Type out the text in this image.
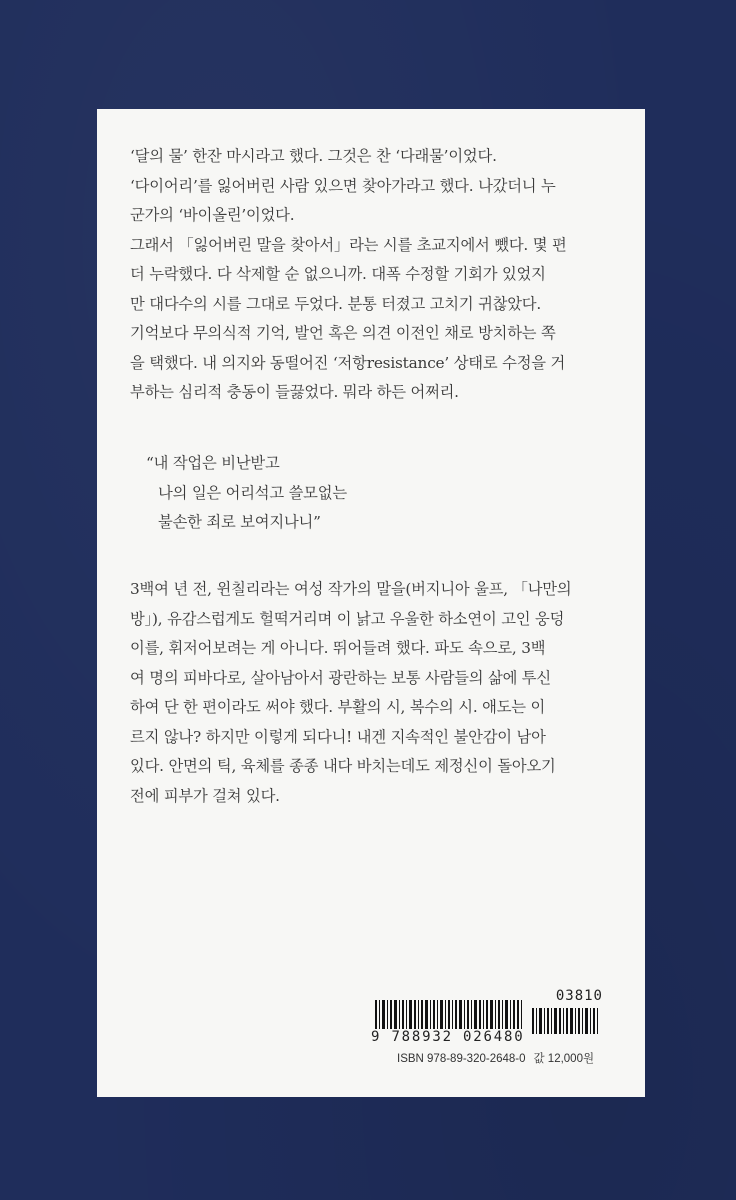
‘달의 물’ 한잔 마시라고 했다. 그것은 찬 ‘다래물’이었다.
‘다이어리’를 잃어버린 사람 있으면 찾아가라고 했다. 나갔더니 누
군가의 ‘바이올린’이었다.
그래서 「잃어버린 말을 찾아서」라는 시를 초교지에서 뺐다. 몇 편
더 누락했다. 다 삭제할 순 없으니까. 대폭 수정할 기회가 있었지
만 대다수의 시를 그대로 두었다. 분통 터졌고 고치기 귀찮았다.
기억보다 무의식적 기억, 발언 혹은 의견 이전인 채로 방치하는 쪽
을 택했다. 내 의지와 동떨어진 ‘저항resistance’ 상태로 수정을 거
부하는 심리적 충동이 들끓었다. 뭐라 하든 어쩌리.
“내 작업은 비난받고
나의 일은 어리석고 쓸모없는
불손한 죄로 보여지나니”
3백여 년 전, 윈칠리라는 여성 작가의 말을(버지니아 울프, 「나만의
방」), 유감스럽게도 헐떡거리며 이 낡고 우울한 하소연이 고인 웅덩
이를, 휘저어보려는 게 아니다. 뛰어들려 했다. 파도 속으로, 3백
여 명의 피바다로, 살아남아서 광란하는 보통 사람들의 삶에 투신
하여 단 한 편이라도 써야 했다. 부활의 시, 복수의 시. 애도는 이
르지 않나? 하지만 이렇게 되다니! 내겐 지속적인 불안감이 남아
있다. 안면의 틱, 육체를 종종 내다 바치는데도 제정신이 돌아오기
전에 피부가 걸쳐 있다.
03810
9 788932 026480
ISBN 978-89-320-2648-0 값 12,000원
